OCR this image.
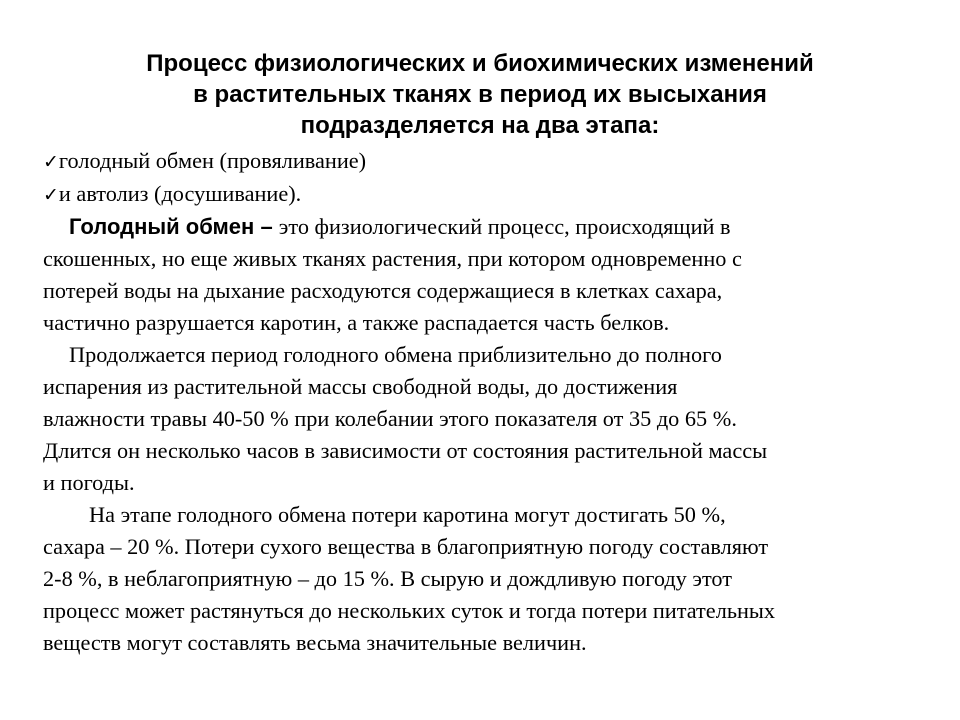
Процесс физиологических и биохимических изменений
в растительных тканях в период их высыхания
подразделяется на два этапа:
✓голодный обмен (провяливание)
✓и автолиз (досушивание).
Голодный обмен – это физиологический процесс, происходящий в
скошенных, но еще живых тканях растения, при котором одновременно с
потерей воды на дыхание расходуются содержащиеся в клетках сахара,
частично разрушается каротин, а также распадается часть белков.
Продолжается период голодного обмена приблизительно до полного
испарения из растительной массы свободной воды, до достижения
влажности травы 40-50 % при колебании этого показателя от 35 до 65 %.
Длится он несколько часов в зависимости от состояния растительной массы
и погоды.
На этапе голодного обмена потери каротина могут достигать 50 %,
сахара – 20 %. Потери сухого вещества в благоприятную погоду составляют
2-8 %, в неблагоприятную – до 15 %. В сырую и дождливую погоду этот
процесс может растянуться до нескольких суток и тогда потери питательных
веществ могут составлять весьма значительные величин.
